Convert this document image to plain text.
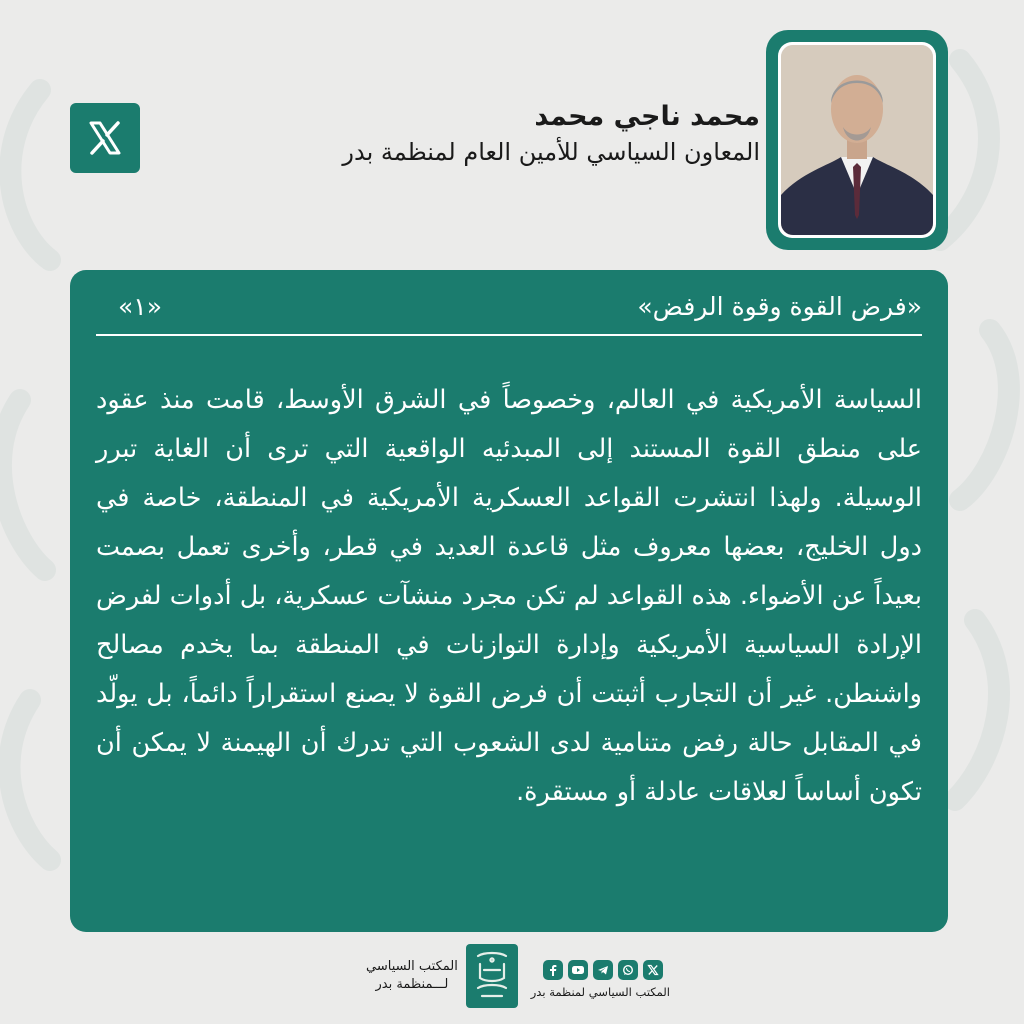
محمد ناجي محمد
المعاون السياسي للأمين العام لمنظمة بدر
«فرض القوة وقوة الرفض»
«١»
السياسة الأمريكية في العالم، وخصوصاً في الشرق الأوسط، قامت منذ عقود على منطق القوة المستند إلى المبدئيه الواقعية التي ترى أن الغاية تبرر الوسيلة. ولهذا انتشرت القواعد العسكرية الأمريكية في المنطقة، خاصة في دول الخليج، بعضها معروف مثل قاعدة العديد في قطر، وأخرى تعمل بصمت بعيداً عن الأضواء. هذه القواعد لم تكن مجرد منشآت عسكرية، بل أدوات لفرض الإرادة السياسية الأمريكية وإدارة التوازنات في المنطقة بما يخدم مصالح واشنطن. غير أن التجارب أثبتت أن فرض القوة لا يصنع استقراراً دائماً، بل يولّد في المقابل حالة رفض متنامية لدى الشعوب التي تدرك أن الهيمنة لا يمكن أن تكون أساساً لعلاقات عادلة أو مستقرة.
المكتب السياسي
لـــمنظمة بدر	المكتب السياسي لمنظمة بدر
